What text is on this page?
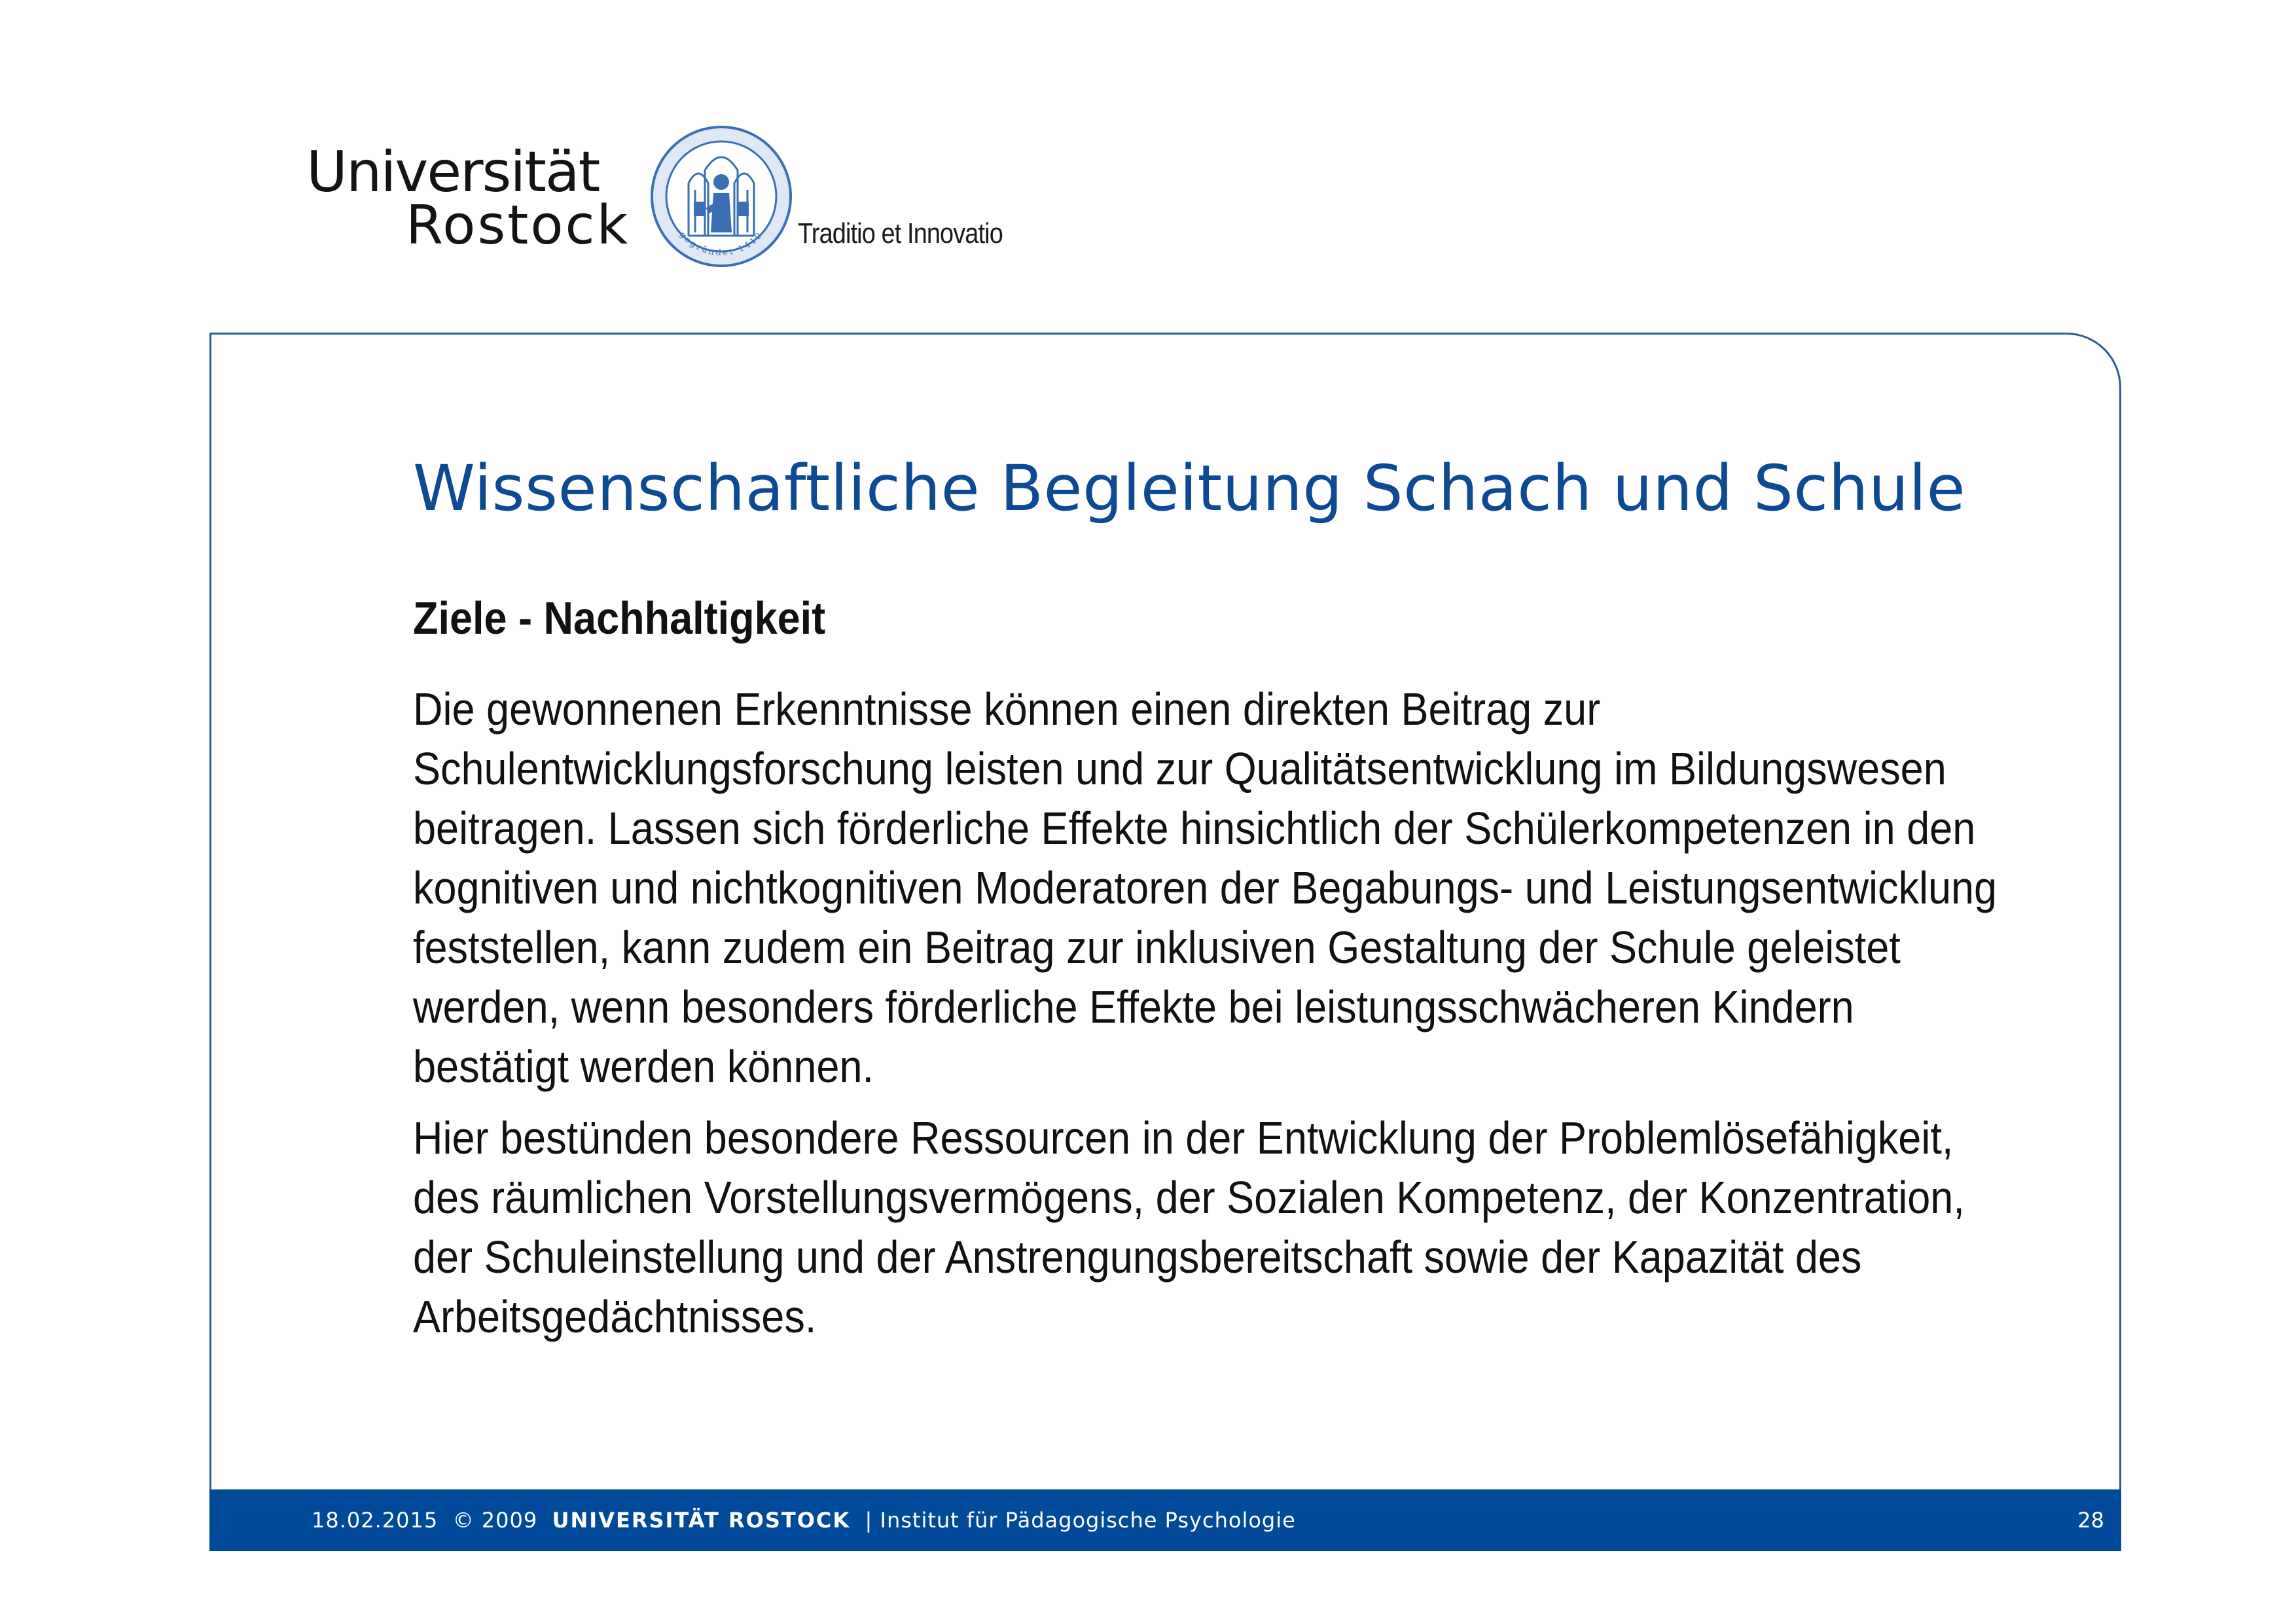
Universität
Rostock	gegründet 1419 Traditio et Innovatio
Wissenschaftliche Begleitung Schach und Schule
Ziele - Nachhaltigkeit

Die gewonnenen Erkenntnisse können einen direkten Beitrag zur Schulentwicklungsforschung leisten und zur Qualitätsentwicklung im Bildungswesen beitragen. Lassen sich förderliche Effekte hinsichtlich der Schülerkompetenzen in den kognitiven und nichtkognitiven Moderatoren der Begabungs- und Leistungsentwicklung feststellen, kann zudem ein Beitrag zur inklusiven Gestaltung der Schule geleistet werden, wenn besonders förderliche Effekte bei leistungsschwächeren Kindern bestätigt werden können.

Hier bestünden besondere Ressourcen in der Entwicklung der Problemlösefähigkeit, des räumlichen Vorstellungsvermögens, der Sozialen Kompetenz, der Konzentration, der Schuleinstellung und der Anstrengungsbereitschaft sowie der Kapazität des Arbeitsgedächtnisses.

18.02.2015 © 2009 UNIVERSITÄT ROSTOCK | Institut für Pädagogische Psychologie	28
